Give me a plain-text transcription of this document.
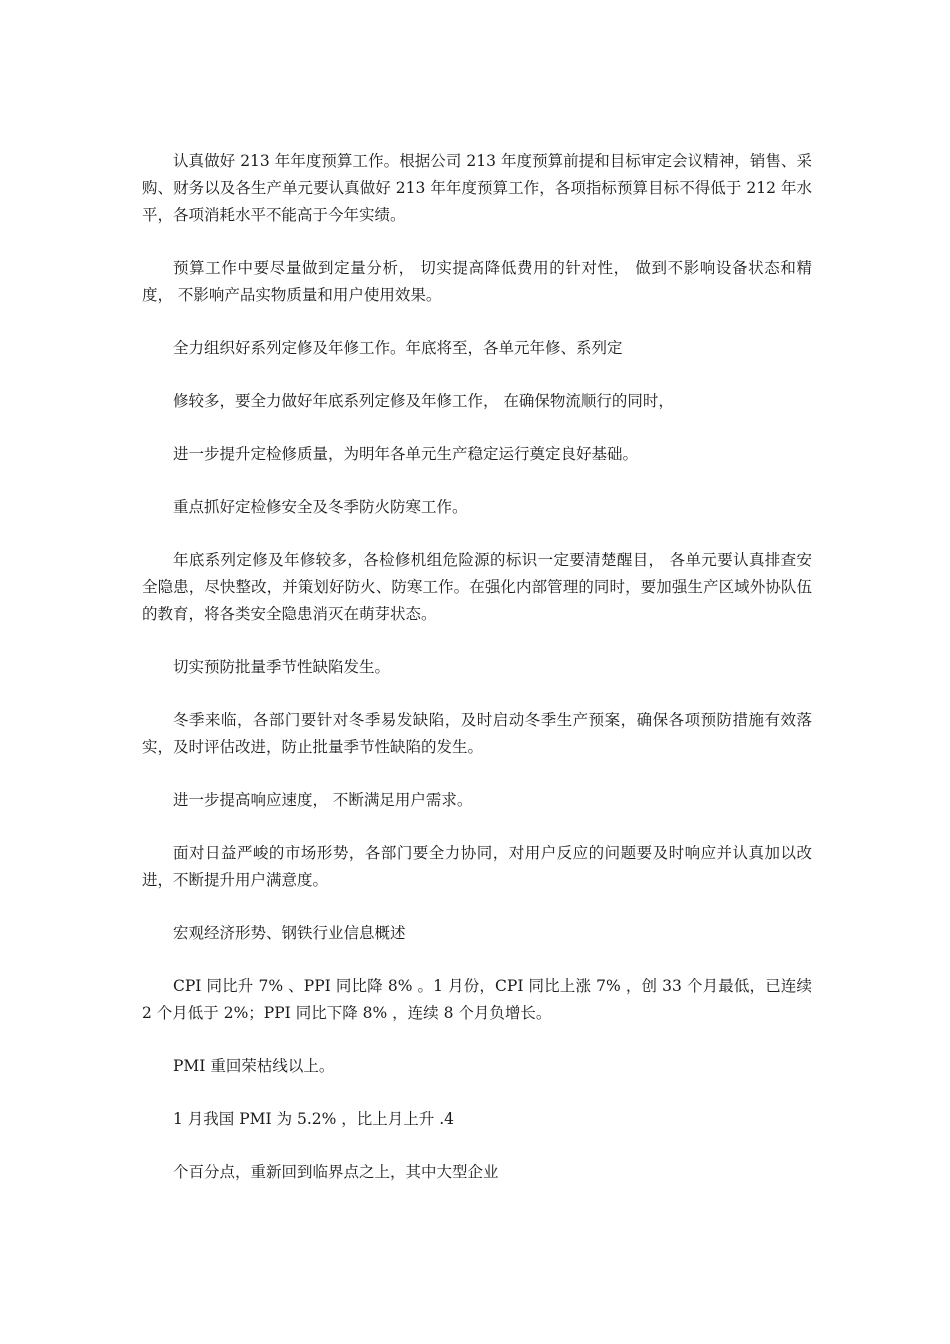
认真做好 213 年年度预算工作。根据公司 213 年度预算前提和目标审定会议精神，销售、采购、财务以及各生产单元要认真做好 213 年年度预算工作，各项指标预算目标不得低于 212 年水平，各项消耗水平不能高于今年实绩。

预算工作中要尽量做到定量分析， 切实提高降低费用的针对性， 做到不影响设备状态和精度， 不影响产品实物质量和用户使用效果。

全力组织好系列定修及年修工作。年底将至，各单元年修、系列定

修较多，要全力做好年底系列定修及年修工作， 在确保物流顺行的同时，

进一步提升定检修质量，为明年各单元生产稳定运行奠定良好基础。

重点抓好定检修安全及冬季防火防寒工作。

年底系列定修及年修较多，各检修机组危险源的标识一定要清楚醒目， 各单元要认真排查安全隐患，尽快整改，并策划好防火、防寒工作。在强化内部管理的同时，要加强生产区域外协队伍的教育，将各类安全隐患消灭在萌芽状态。

切实预防批量季节性缺陷发生。

冬季来临，各部门要针对冬季易发缺陷，及时启动冬季生产预案，确保各项预防措施有效落实，及时评估改进，防止批量季节性缺陷的发生。

进一步提高响应速度， 不断满足用户需求。

面对日益严峻的市场形势，各部门要全力协同，对用户反应的问题要及时响应并认真加以改进，不断提升用户满意度。

宏观经济形势、钢铁行业信息概述

CPI 同比升 7% 、PPI 同比降 8% 。1 月份，CPI 同比上涨 7% ，创 33 个月最低，已连续 2 个月低于 2%；PPI 同比下降 8% ，连续 8 个月负增长。

PMI 重回荣枯线以上。

1 月我国 PMI 为 5.2% ，比上月上升 .4

个百分点，重新回到临界点之上，其中大型企业
